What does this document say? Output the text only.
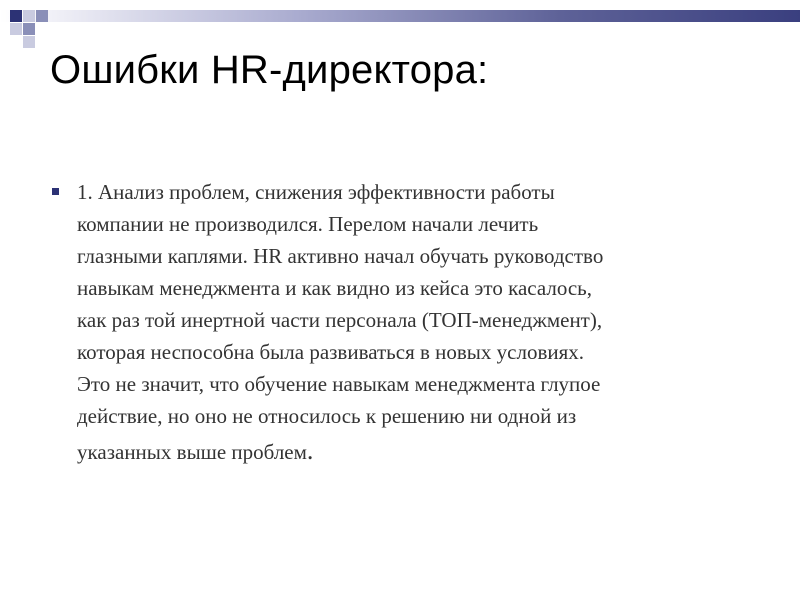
Ошибки HR-директора:

1. Анализ проблем, снижения эффективности работы
компании не производился. Перелом начали лечить
глазными каплями. HR активно начал обучать руководство
навыкам менеджмента и как видно из кейса это касалось,
как раз той инертной части персонала (ТОП-менеджмент),
которая неспособна была развиваться в новых условиях.
Это не значит, что обучение навыкам менеджмента глупое
действие, но оно не относилось к решению ни одной из
указанных выше проблем.
